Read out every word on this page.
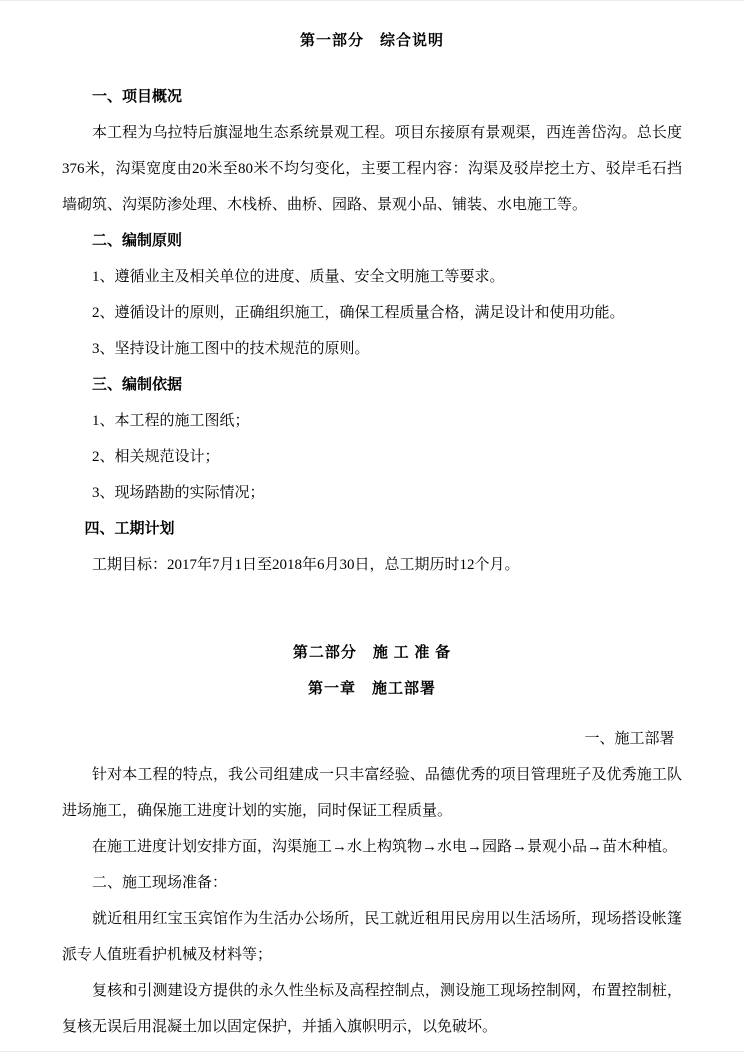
第一部分　综合说明

一、项目概况

本工程为乌拉特后旗湿地生态系统景观工程。项目东接原有景观渠，西连善岱沟。总长度376米，沟渠宽度由20米至80米不均匀变化，主要工程内容：沟渠及驳岸挖土方、驳岸毛石挡墙砌筑、沟渠防渗处理、木栈桥、曲桥、园路、景观小品、铺装、水电施工等。

二、编制原则

1、遵循业主及相关单位的进度、质量、安全文明施工等要求。

2、遵循设计的原则，正确组织施工，确保工程质量合格，满足设计和使用功能。

3、坚持设计施工图中的技术规范的原则。

三、编制依据

1、本工程的施工图纸；

2、相关规范设计；

3、现场踏勘的实际情况；

四、工期计划

工期目标：2017年7月1日至2018年6月30日，总工期历时12个月。

第二部分　施 工 准 备

第一章　施工部署

一、施工部署

针对本工程的特点，我公司组建成一只丰富经验、品德优秀的项目管理班子及优秀施工队进场施工，确保施工进度计划的实施，同时保证工程质量。

在施工进度计划安排方面，沟渠施工→水上构筑物→水电→园路→景观小品→苗木种植。

二、施工现场准备：

就近租用红宝玉宾馆作为生活办公场所，民工就近租用民房用以生活场所，现场搭设帐篷派专人值班看护机械及材料等；

复核和引测建设方提供的永久性坐标及高程控制点，测设施工现场控制网，布置控制桩，复核无误后用混凝土加以固定保护，并插入旗帜明示，以免破坏。
